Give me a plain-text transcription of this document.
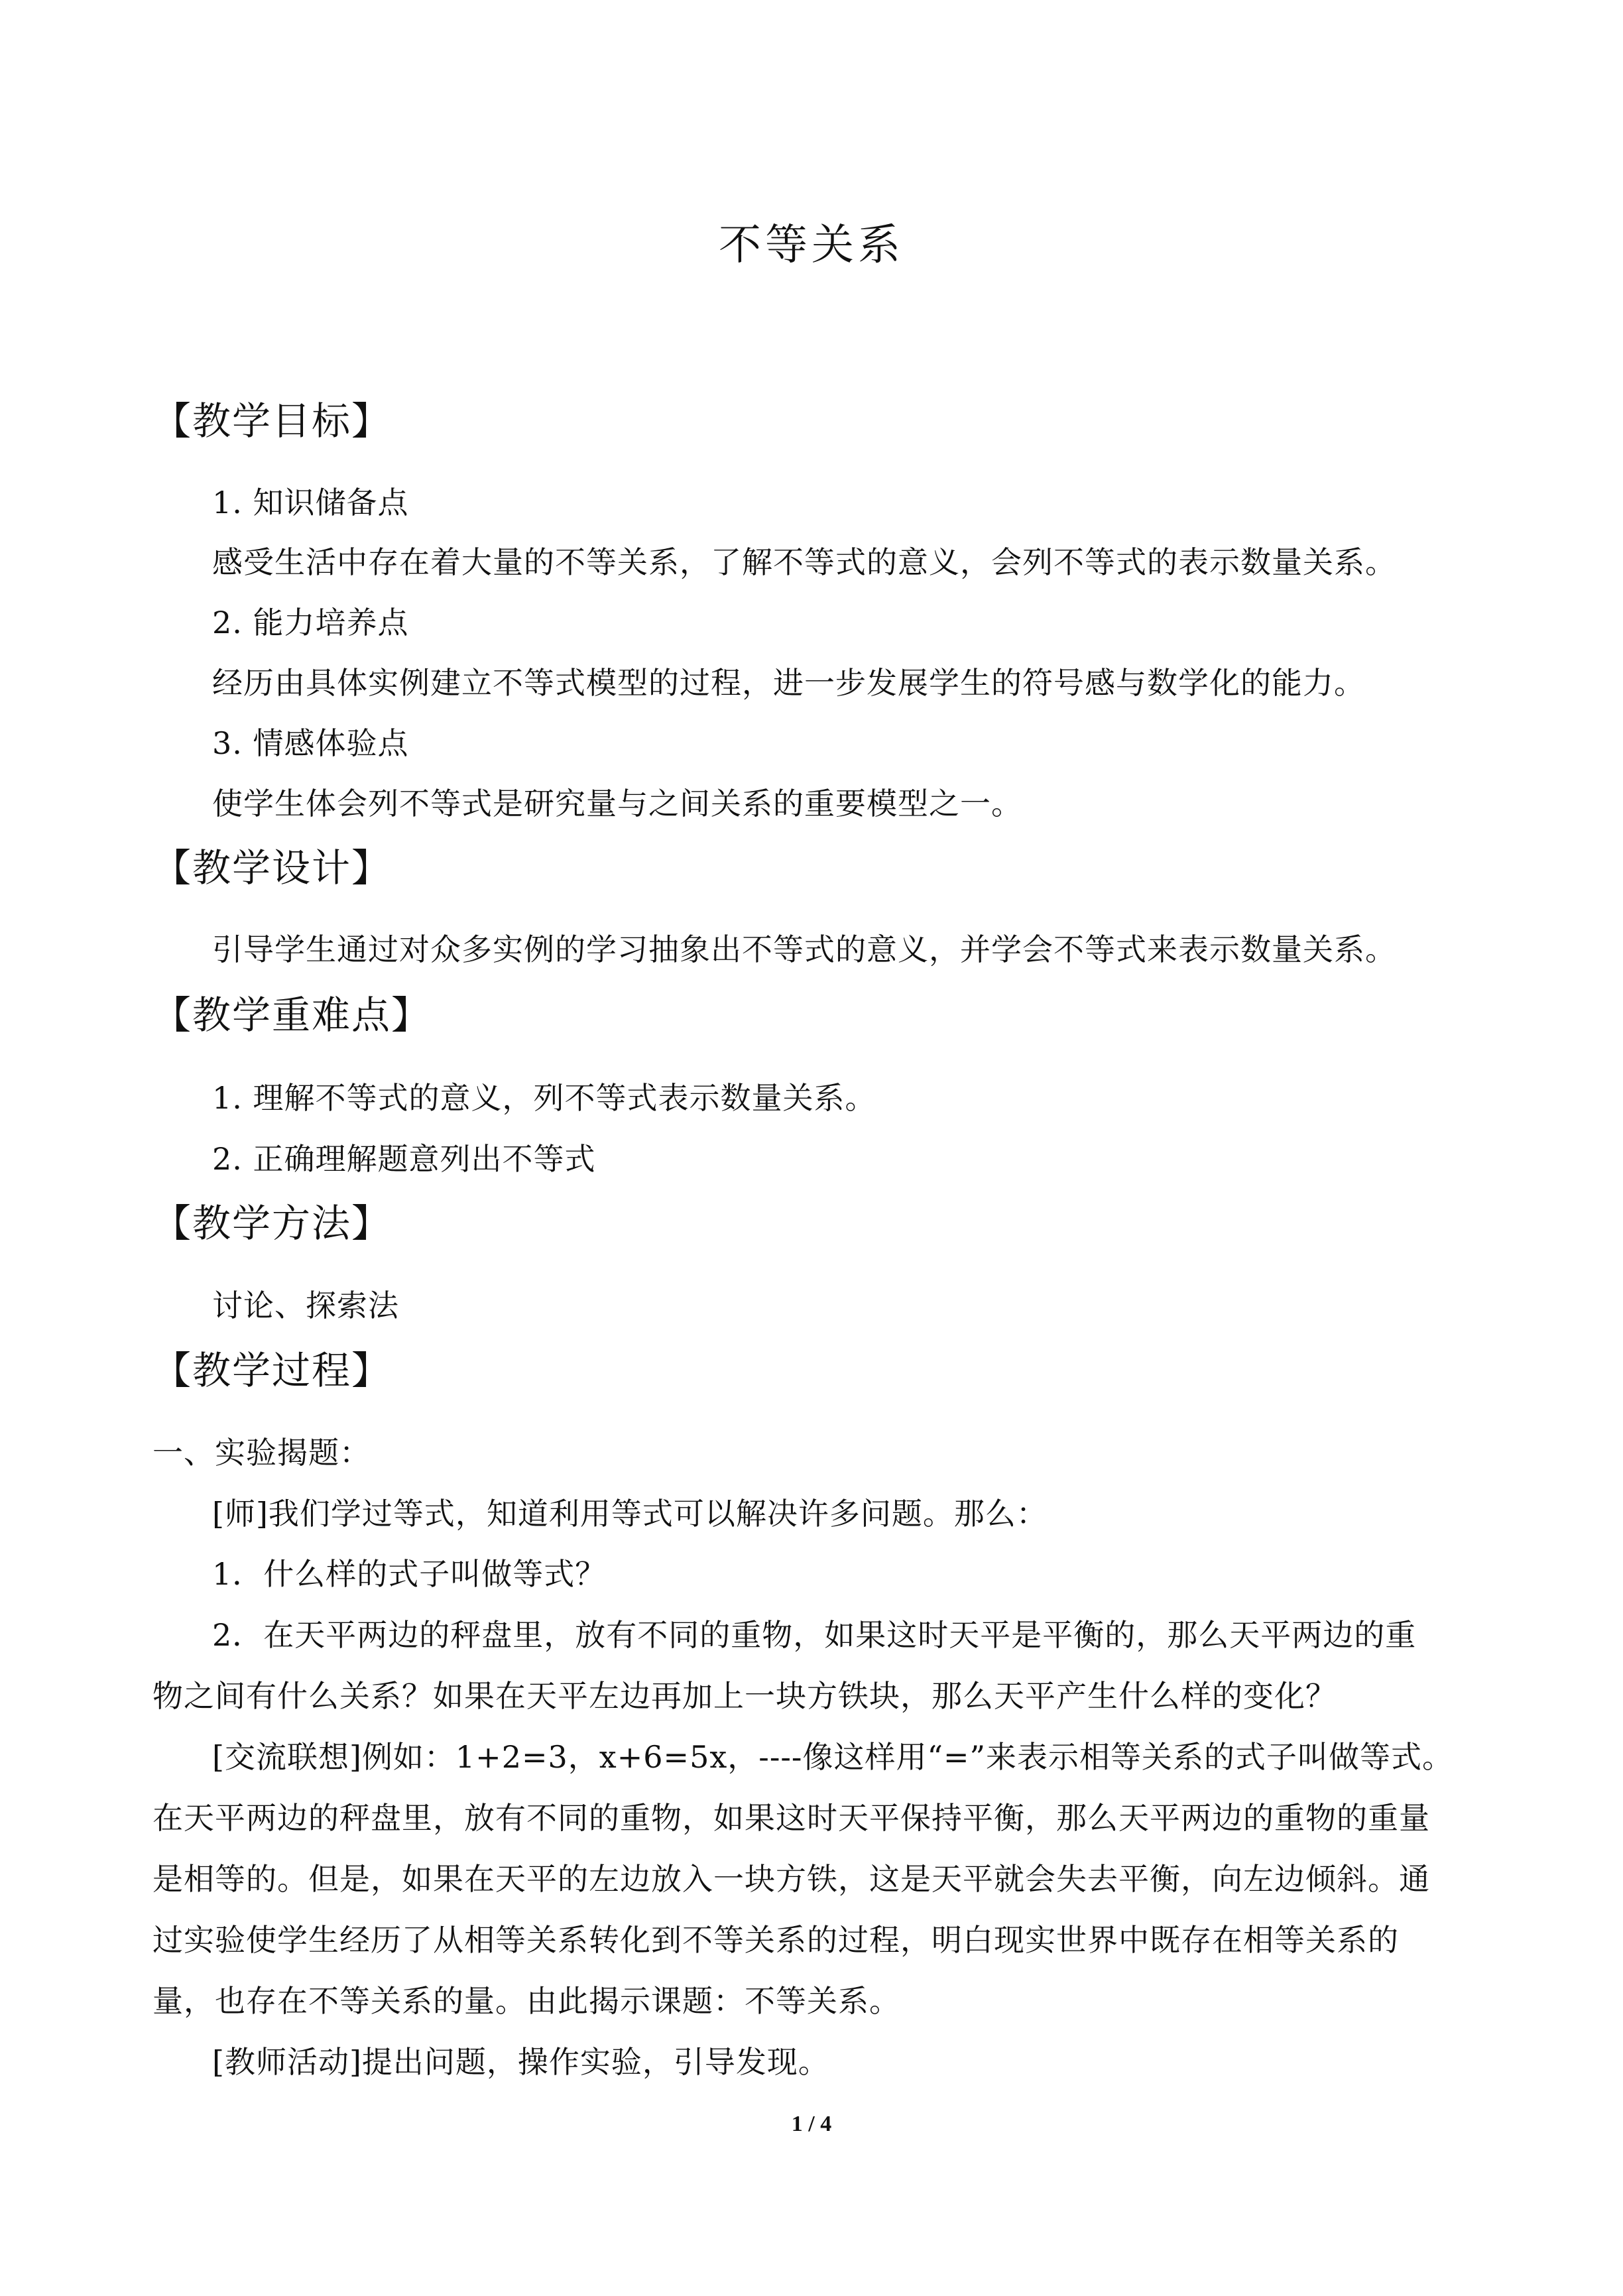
不等关系
【教学目标】
1. 知识储备点
感受生活中存在着大量的不等关系，了解不等式的意义，会列不等式的表示数量关系。
2. 能力培养点
经历由具体实例建立不等式模型的过程，进一步发展学生的符号感与数学化的能力。
3. 情感体验点
使学生体会列不等式是研究量与之间关系的重要模型之一。
【教学设计】
引导学生通过对众多实例的学习抽象出不等式的意义，并学会不等式来表示数量关系。
【教学重难点】
1. 理解不等式的意义，列不等式表示数量关系。
2. 正确理解题意列出不等式
【教学方法】
讨论、探索法
【教学过程】
一、实验揭题：
[师]我们学过等式，知道利用等式可以解决许多问题。那么：
1．什么样的式子叫做等式？
2．在天平两边的秤盘里，放有不同的重物，如果这时天平是平衡的，那么天平两边的重
物之间有什么关系？如果在天平左边再加上一块方铁块，那么天平产生什么样的变化？
[交流联想]例如：1+2=3，x+6=5x，----像这样用“=”来表示相等关系的式子叫做等式。
在天平两边的秤盘里，放有不同的重物，如果这时天平保持平衡，那么天平两边的重物的重量
是相等的。但是，如果在天平的左边放入一块方铁，这是天平就会失去平衡，向左边倾斜。通
过实验使学生经历了从相等关系转化到不等关系的过程，明白现实世界中既存在相等关系的
量，也存在不等关系的量。由此揭示课题：不等关系。
[教师活动]提出问题，操作实验，引导发现。
1 / 4
